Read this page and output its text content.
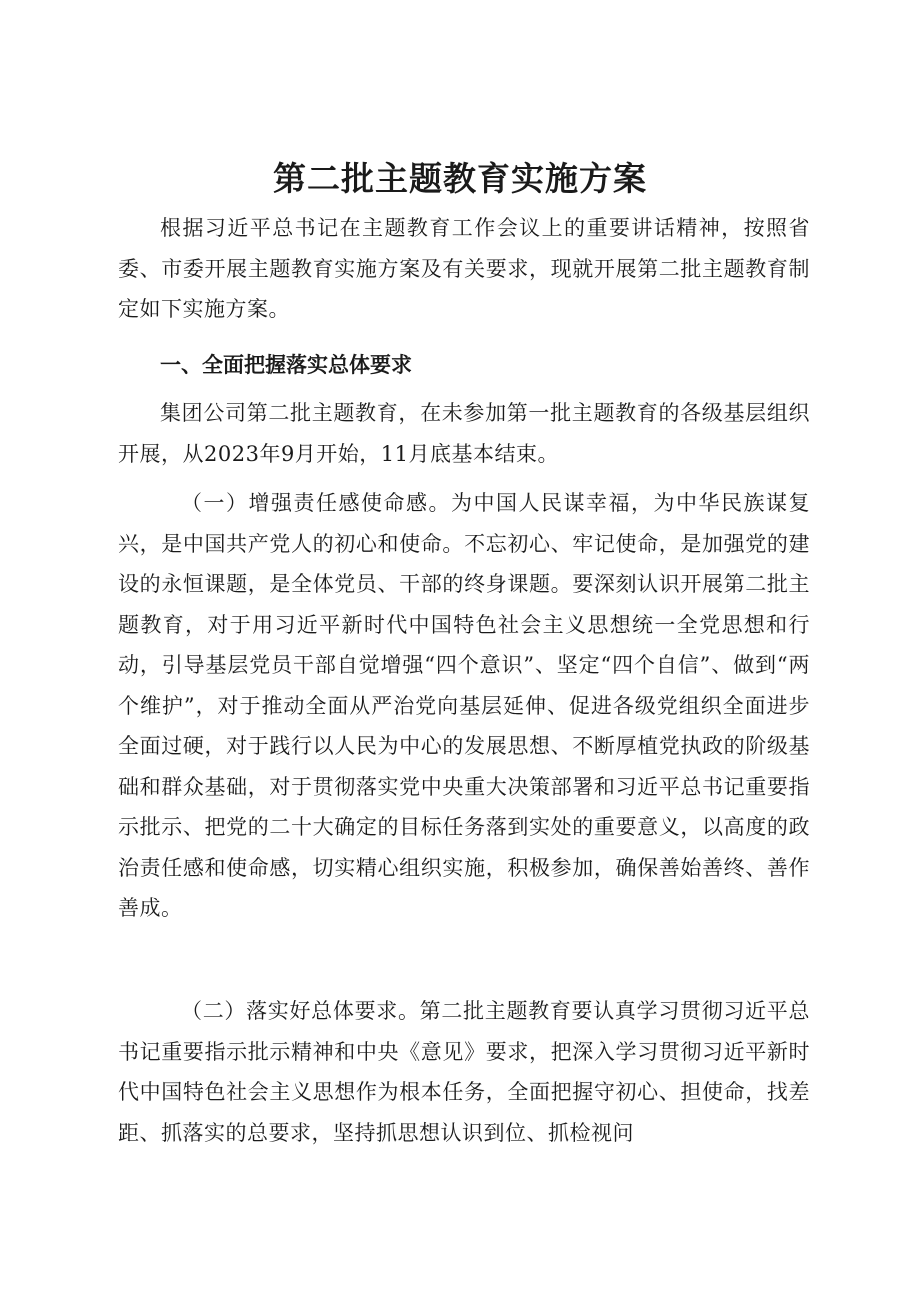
第二批主题教育实施方案

根据习近平总书记在主题教育工作会议上的重要讲话精神，按照省委、市委开展主题教育实施方案及有关要求，现就开展第二批主题教育制定如下实施方案。

一、全面把握落实总体要求

集团公司第二批主题教育，在未参加第一批主题教育的各级基层组织开展，从2023年9月开始，11月底基本结束。

（一）增强责任感使命感。为中国人民谋幸福，为中华民族谋复兴，是中国共产党人的初心和使命。不忘初心、牢记使命，是加强党的建设的永恒课题，是全体党员、干部的终身课题。要深刻认识开展第二批主题教育，对于用习近平新时代中国特色社会主义思想统一全党思想和行动，引导基层党员干部自觉增强“四个意识”、坚定“四个自信”、做到“两个维护”，对于推动全面从严治党向基层延伸、促进各级党组织全面进步全面过硬，对于践行以人民为中心的发展思想、不断厚植党执政的阶级基础和群众基础，对于贯彻落实党中央重大决策部署和习近平总书记重要指示批示、把党的二十大确定的目标任务落到实处的重要意义，以高度的政治责任感和使命感，切实精心组织实施，积极参加，确保善始善终、善作善成。

（二）落实好总体要求。第二批主题教育要认真学习贯彻习近平总书记重要指示批示精神和中央《意见》要求，把深入学习贯彻习近平新时代中国特色社会主义思想作为根本任务，全面把握守初心、担使命，找差距、抓落实的总要求，坚持抓思想认识到位、抓检视问
